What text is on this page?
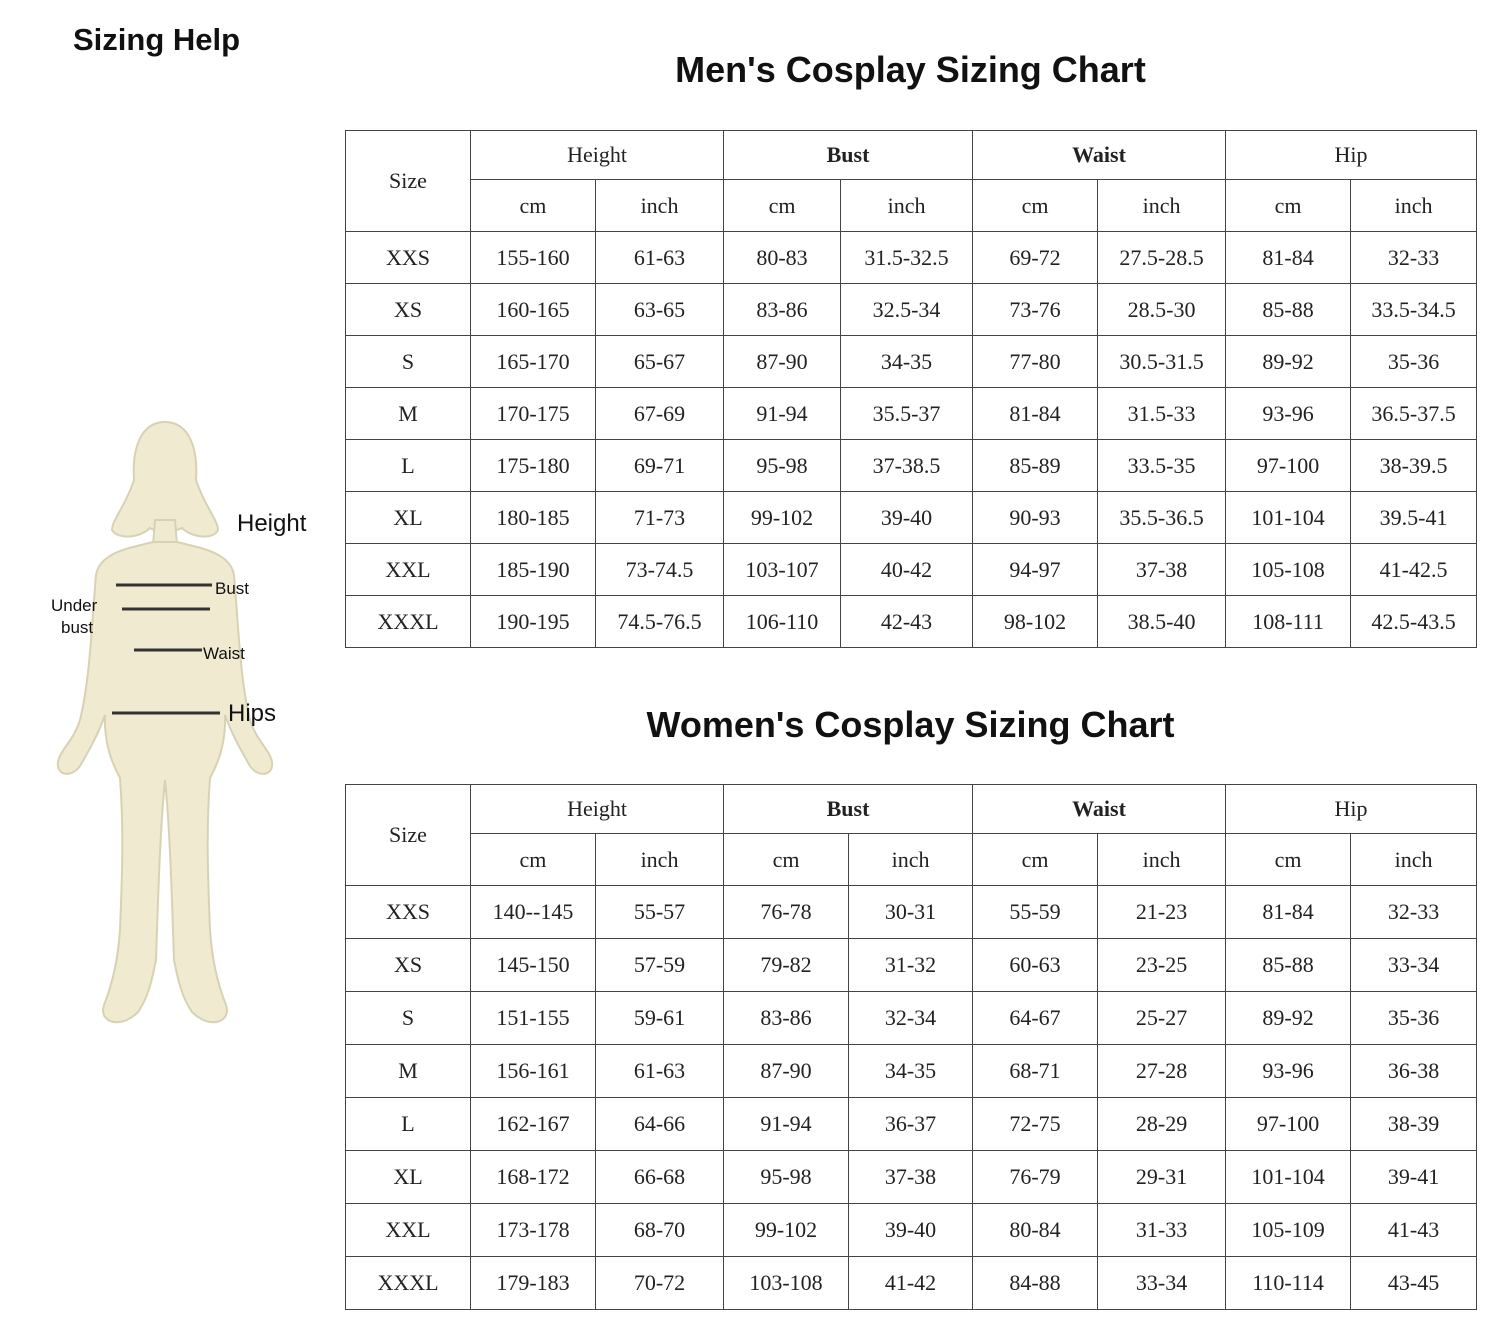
Sizing Help
Height
Bust
Under
bust
Waist
Hips
Men's Cosplay Sizing Chart
Size	Height		Bust		Waist		Hip	
	cm	inch	cm	inch	cm	inch	cm	inch
XXS	155-160	61-63	80-83	31.5-32.5	69-72	27.5-28.5	81-84	32-33
XS	160-165	63-65	83-86	32.5-34	73-76	28.5-30	85-88	33.5-34.5
S	165-170	65-67	87-90	34-35	77-80	30.5-31.5	89-92	35-36
M	170-175	67-69	91-94	35.5-37	81-84	31.5-33	93-96	36.5-37.5
L	175-180	69-71	95-98	37-38.5	85-89	33.5-35	97-100	38-39.5
XL	180-185	71-73	99-102	39-40	90-93	35.5-36.5	101-104	39.5-41
XXL	185-190	73-74.5	103-107	40-42	94-97	37-38	105-108	41-42.5
XXXL	190-195	74.5-76.5	106-110	42-43	98-102	38.5-40	108-111	42.5-43.5
Women's Cosplay Sizing Chart
Size	Height		Bust		Waist		Hip	
	cm	inch	cm	inch	cm	inch	cm	inch
XXS	140--145	55-57	76-78	30-31	55-59	21-23	81-84	32-33
XS	145-150	57-59	79-82	31-32	60-63	23-25	85-88	33-34
S	151-155	59-61	83-86	32-34	64-67	25-27	89-92	35-36
M	156-161	61-63	87-90	34-35	68-71	27-28	93-96	36-38
L	162-167	64-66	91-94	36-37	72-75	28-29	97-100	38-39
XL	168-172	66-68	95-98	37-38	76-79	29-31	101-104	39-41
XXL	173-178	68-70	99-102	39-40	80-84	31-33	105-109	41-43
XXXL	179-183	70-72	103-108	41-42	84-88	33-34	110-114	43-45
